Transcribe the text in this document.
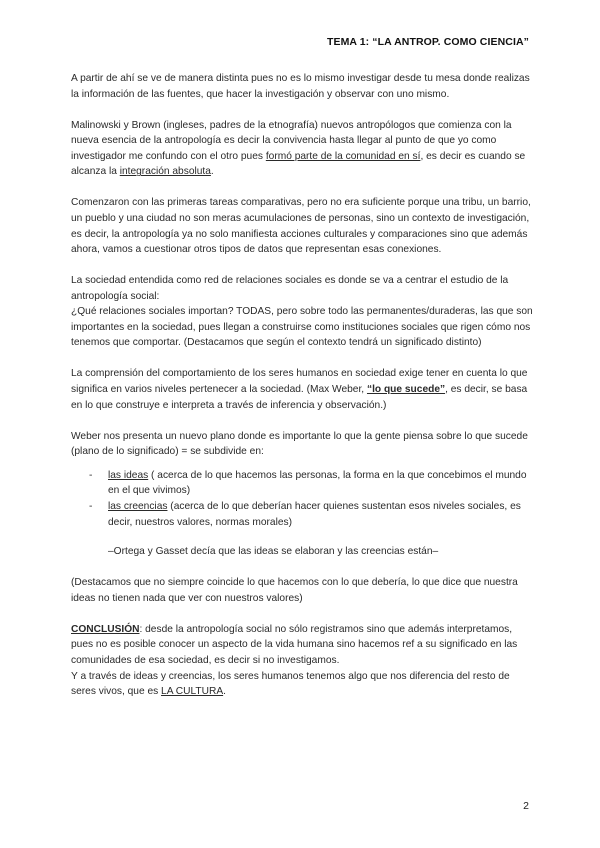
TEMA 1: “LA ANTROP. COMO CIENCIA”

A partir de ahí se ve de manera distinta pues no es lo mismo investigar desde tu mesa donde realizas la información de las fuentes, que hacer la investigación y observar con uno mismo.

Malinowski y Brown (ingleses, padres de la etnografía) nuevos antropólogos que comienza con la nueva esencia de la antropología es decir la convivencia hasta llegar al punto de que yo como investigador me confundo con el otro pues formó parte de la comunidad en sí, es decir es cuando se alcanza la integración absoluta.

Comenzaron con las primeras tareas comparativas, pero no era suficiente porque una tribu, un barrio, un pueblo y una ciudad no son meras acumulaciones de personas, sino un contexto de investigación, es decir, la antropología ya no solo manifiesta acciones culturales y comparaciones sino que además ahora, vamos a cuestionar otros tipos de datos que representan esas conexiones.

La sociedad entendida como red de relaciones sociales es donde se va a centrar el estudio de la antropología social:
¿Qué relaciones sociales importan? TODAS, pero sobre todo las permanentes/duraderas, las que son importantes en la sociedad, pues llegan a construirse como instituciones sociales que rigen cómo nos tenemos que comportar. (Destacamos que según el contexto tendrá un significado distinto)

La comprensión del comportamiento de los seres humanos en sociedad exige tener en cuenta lo que significa en varios niveles pertenecer a la sociedad. (Max Weber, “lo que sucede”, es decir, se basa en lo que construye e interpreta a través de inferencia y observación.)

Weber nos presenta un nuevo plano donde es importante lo que la gente piensa sobre lo que sucede (plano de lo significado) = se subdivide en:

- las ideas ( acerca de lo que hacemos las personas, la forma en la que concebimos el mundo en el que vivimos)
- las creencias (acerca de lo que deberían hacer quienes sustentan esos niveles sociales, es decir, nuestros valores, normas morales)

–Ortega y Gasset decía que las ideas se elaboran y las creencias están–

(Destacamos que no siempre coincide lo que hacemos con lo que debería, lo que dice que nuestra ideas no tienen nada que ver con nuestros valores)

CONCLUSIÓN: desde la antropología social no sólo registramos sino que además interpretamos, pues no es posible conocer un aspecto de la vida humana sino hacemos ref a su significado en las comunidades de esa sociedad, es decir si no investigamos.
Y a través de ideas y creencias, los seres humanos tenemos algo que nos diferencia del resto de seres vivos, que es LA CULTURA.

2
